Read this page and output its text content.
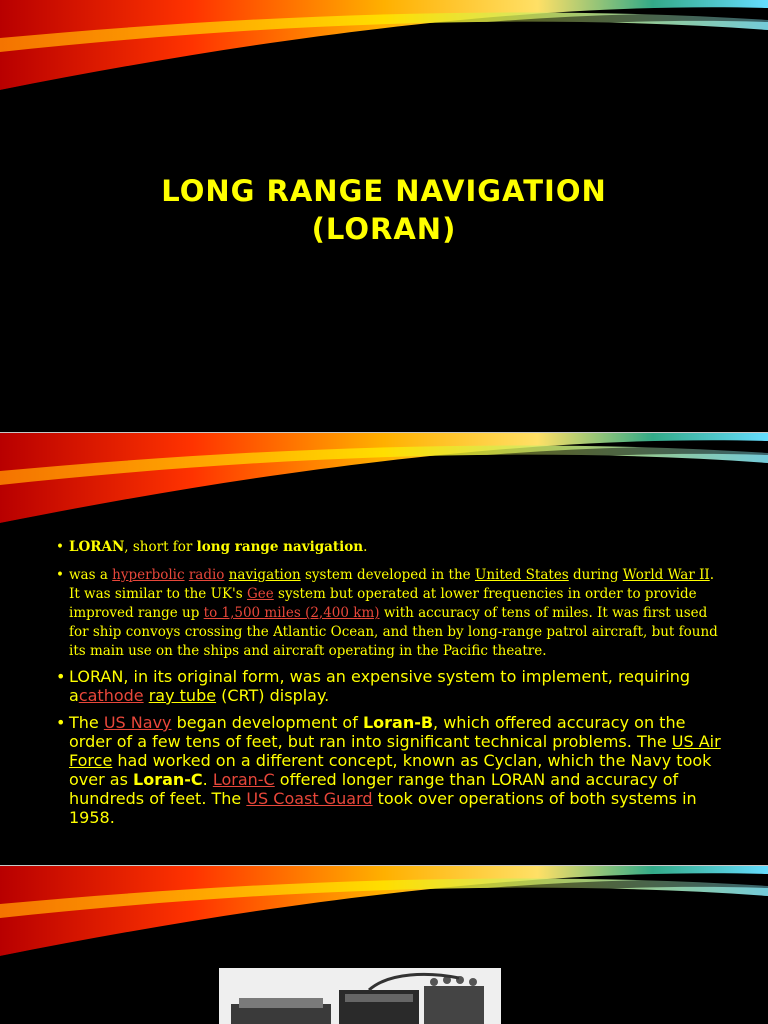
LONG RANGE NAVIGATION
(LORAN)
• LORAN, short for long range navigation.
• was a hyperbolic radio navigation system developed in the United States during World War II. It was similar to the UK's Gee system but operated at lower frequencies in order to provide improved range up to 1,500 miles (2,400 km) with accuracy of tens of miles. It was first used for ship convoys crossing the Atlantic Ocean, and then by long-range patrol aircraft, but found its main use on the ships and aircraft operating in the Pacific theatre.
• LORAN, in its original form, was an expensive system to implement, requiring acathode ray tube (CRT) display.
• The US Navy began development of Loran-B, which offered accuracy on the order of a few tens of feet, but ran into significant technical problems. The US Air Force had worked on a different concept, known as Cyclan, which the Navy took over as Loran-C. Loran-C offered longer range than LORAN and accuracy of hundreds of feet. The US Coast Guard took over operations of both systems in 1958.
